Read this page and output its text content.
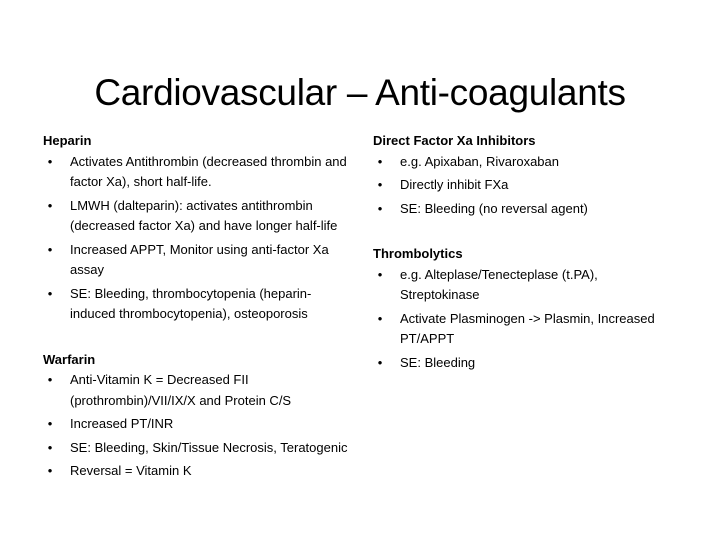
Cardiovascular – Anti-coagulants

Heparin

•	Activates Antithrombin (decreased thrombin and factor Xa), short half-life.
•	LMWH (dalteparin): activates antithrombin (decreased factor Xa) and have longer half-life
•	Increased APPT, Monitor using anti-factor Xa assay
•	SE: Bleeding, thrombocytopenia (heparin-induced thrombocytopenia), osteoporosis

Warfarin

•	Anti-Vitamin K = Decreased FII (prothrombin)/VII/IX/X and Protein C/S
•	Increased PT/INR
•	SE: Bleeding, Skin/Tissue Necrosis, Teratogenic
•	Reversal = Vitamin K

Direct Factor Xa Inhibitors

•	e.g. Apixaban, Rivaroxaban
•	Directly inhibit FXa
•	SE: Bleeding (no reversal agent)

Thrombolytics

•	e.g. Alteplase/Tenecteplase (t.PA), Streptokinase
•	Activate Plasminogen -> Plasmin, Increased PT/APPT
•	SE: Bleeding
